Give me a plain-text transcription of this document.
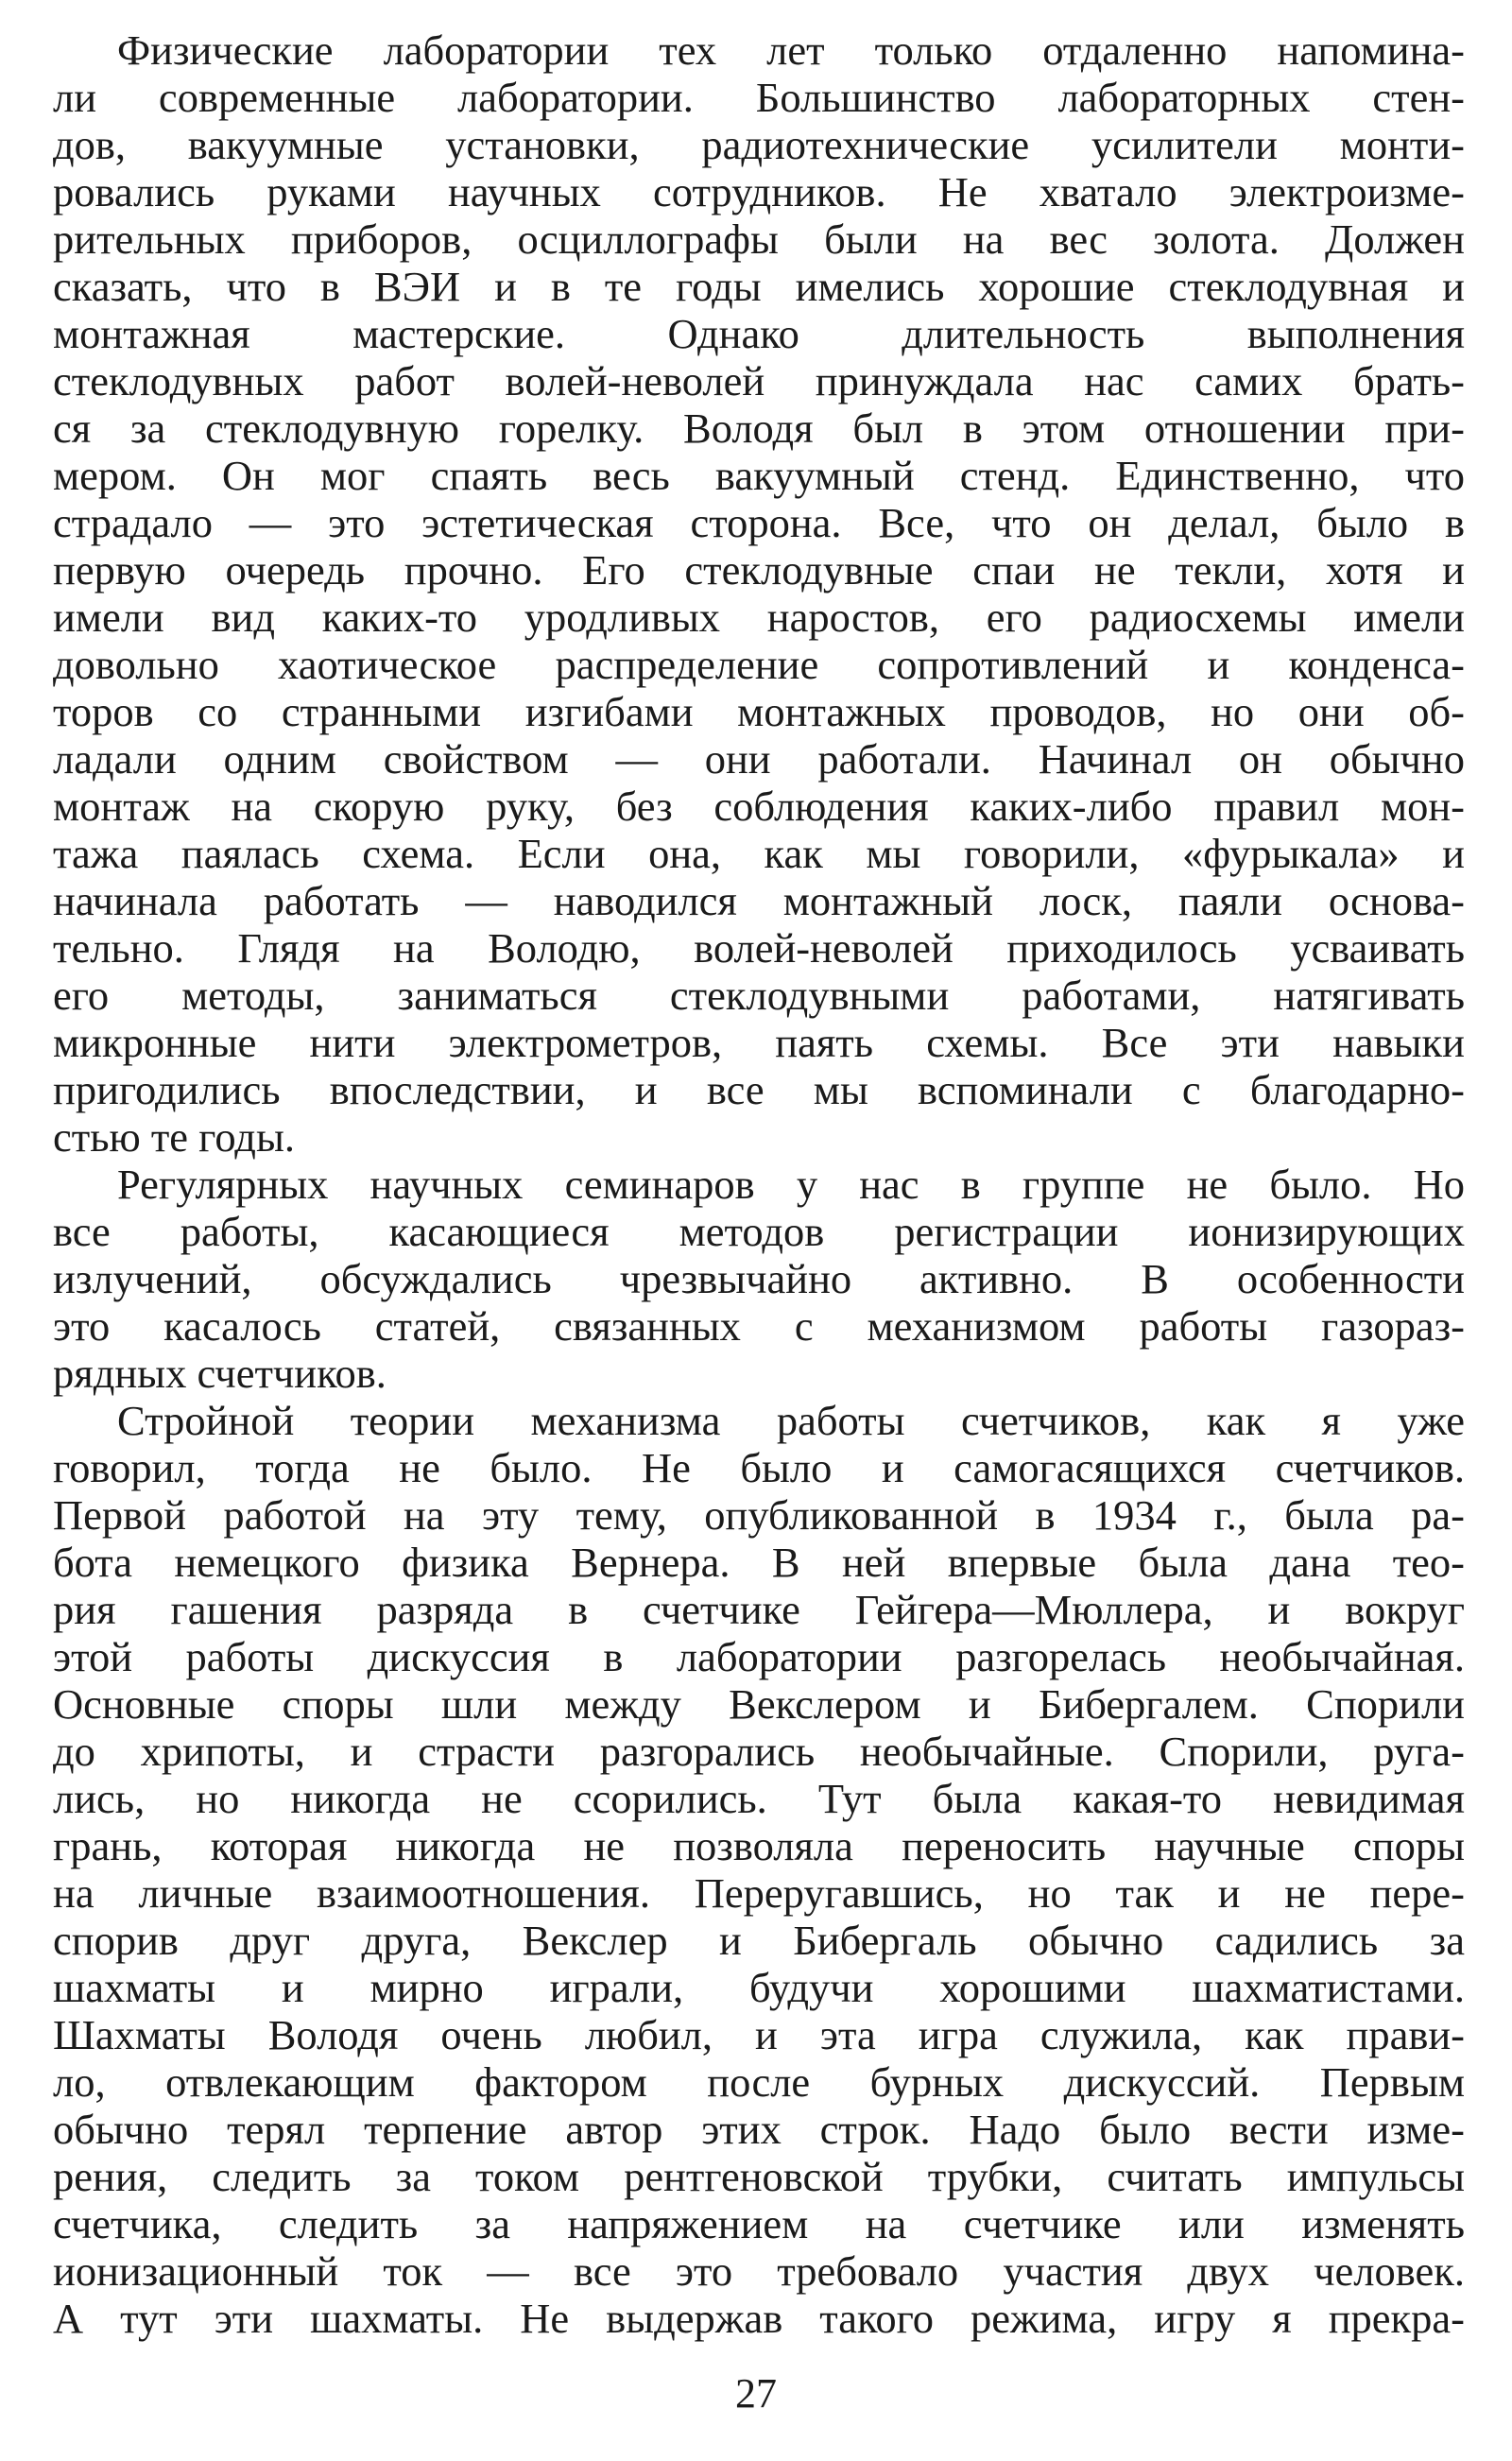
Физические лаборатории тех лет только отдаленно напомина-
ли современные лаборатории. Большинство лабораторных стен-
дов, вакуумные установки, радиотехнические усилители монти-
ровались руками научных сотрудников. Не хватало электроизме-
рительных приборов, осциллографы были на вес золота. Должен
сказать, что в ВЭИ и в те годы имелись хорошие стеклодувная и
монтажная мастерские. Однако длительность выполнения
стеклодувных работ волей-неволей принуждала нас самих брать-
ся за стеклодувную горелку. Володя был в этом отношении при-
мером. Он мог спаять весь вакуумный стенд. Единственно, что
страдало — это эстетическая сторона. Все, что он делал, было в
первую очередь прочно. Его стеклодувные спаи не текли, хотя и
имели вид каких-то уродливых наростов, его радиосхемы имели
довольно хаотическое распределение сопротивлений и конденса-
торов со странными изгибами монтажных проводов, но они об-
ладали одним свойством — они работали. Начинал он обычно
монтаж на скорую руку, без соблюдения каких-либо правил мон-
тажа паялась схема. Если она, как мы говорили, «фурыкала» и
начинала работать — наводился монтажный лоск, паяли основа-
тельно. Глядя на Володю, волей-неволей приходилось усваивать
его методы, заниматься стеклодувными работами, натягивать
микронные нити электрометров, паять схемы. Все эти навыки
пригодились впоследствии, и все мы вспоминали с благодарно-
стью те годы.
Регулярных научных семинаров у нас в группе не было. Но
все работы, касающиеся методов регистрации ионизирующих
излучений, обсуждались чрезвычайно активно. В особенности
это касалось статей, связанных с механизмом работы газораз-
рядных счетчиков.
Стройной теории механизма работы счетчиков, как я уже
говорил, тогда не было. Не было и самогасящихся счетчиков.
Первой работой на эту тему, опубликованной в 1934 г., была ра-
бота немецкого физика Вернера. В ней впервые была дана тео-
рия гашения разряда в счетчике Гейгера—Мюллера, и вокруг
этой работы дискуссия в лаборатории разгорелась необычайная.
Основные споры шли между Векслером и Бибергалем. Спорили
до хрипоты, и страсти разгорались необычайные. Спорили, руга-
лись, но никогда не ссорились. Тут была какая-то невидимая
грань, которая никогда не позволяла переносить научные споры
на личные взаимоотношения. Переругавшись, но так и не пере-
спорив друг друга, Векслер и Бибергаль обычно садились за
шахматы и мирно играли, будучи хорошими шахматистами.
Шахматы Володя очень любил, и эта игра служила, как прави-
ло, отвлекающим фактором после бурных дискуссий. Первым
обычно терял терпение автор этих строк. Надо было вести изме-
рения, следить за током рентгеновской трубки, считать импульсы
счетчика, следить за напряжением на счетчике или изменять
ионизационный ток — все это требовало участия двух человек.
А тут эти шахматы. Не выдержав такого режима, игру я прекра-
27
